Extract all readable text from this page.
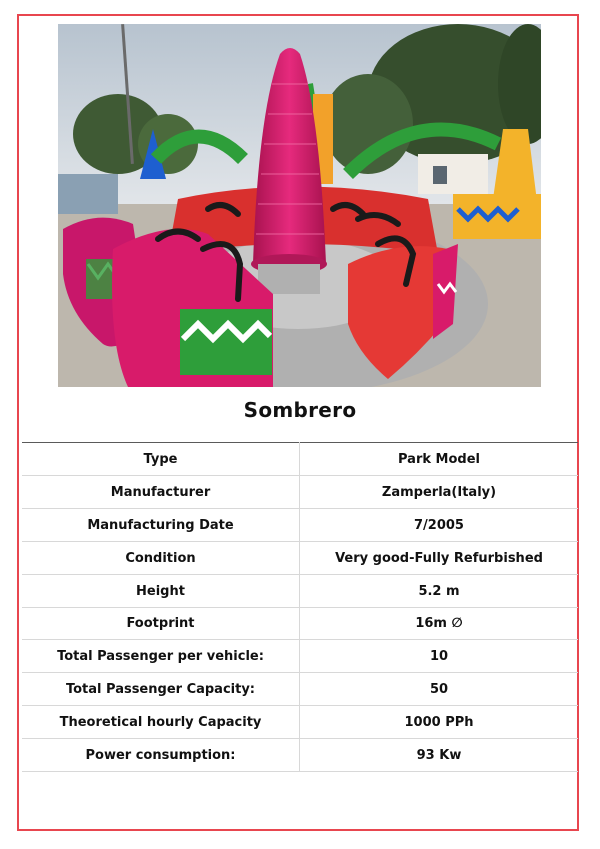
Sombrero
Type	Park Model
Manufacturer	Zamperla(Italy)
Manufacturing Date	7/2005
Condition	Very good-Fully Refurbished
Height	5.2 m
Footprint	16m ∅
Total Passenger per vehicle:	10
Total Passenger Capacity:	50
Theoretical hourly Capacity	1000 PPh
Power consumption:	93 Kw
